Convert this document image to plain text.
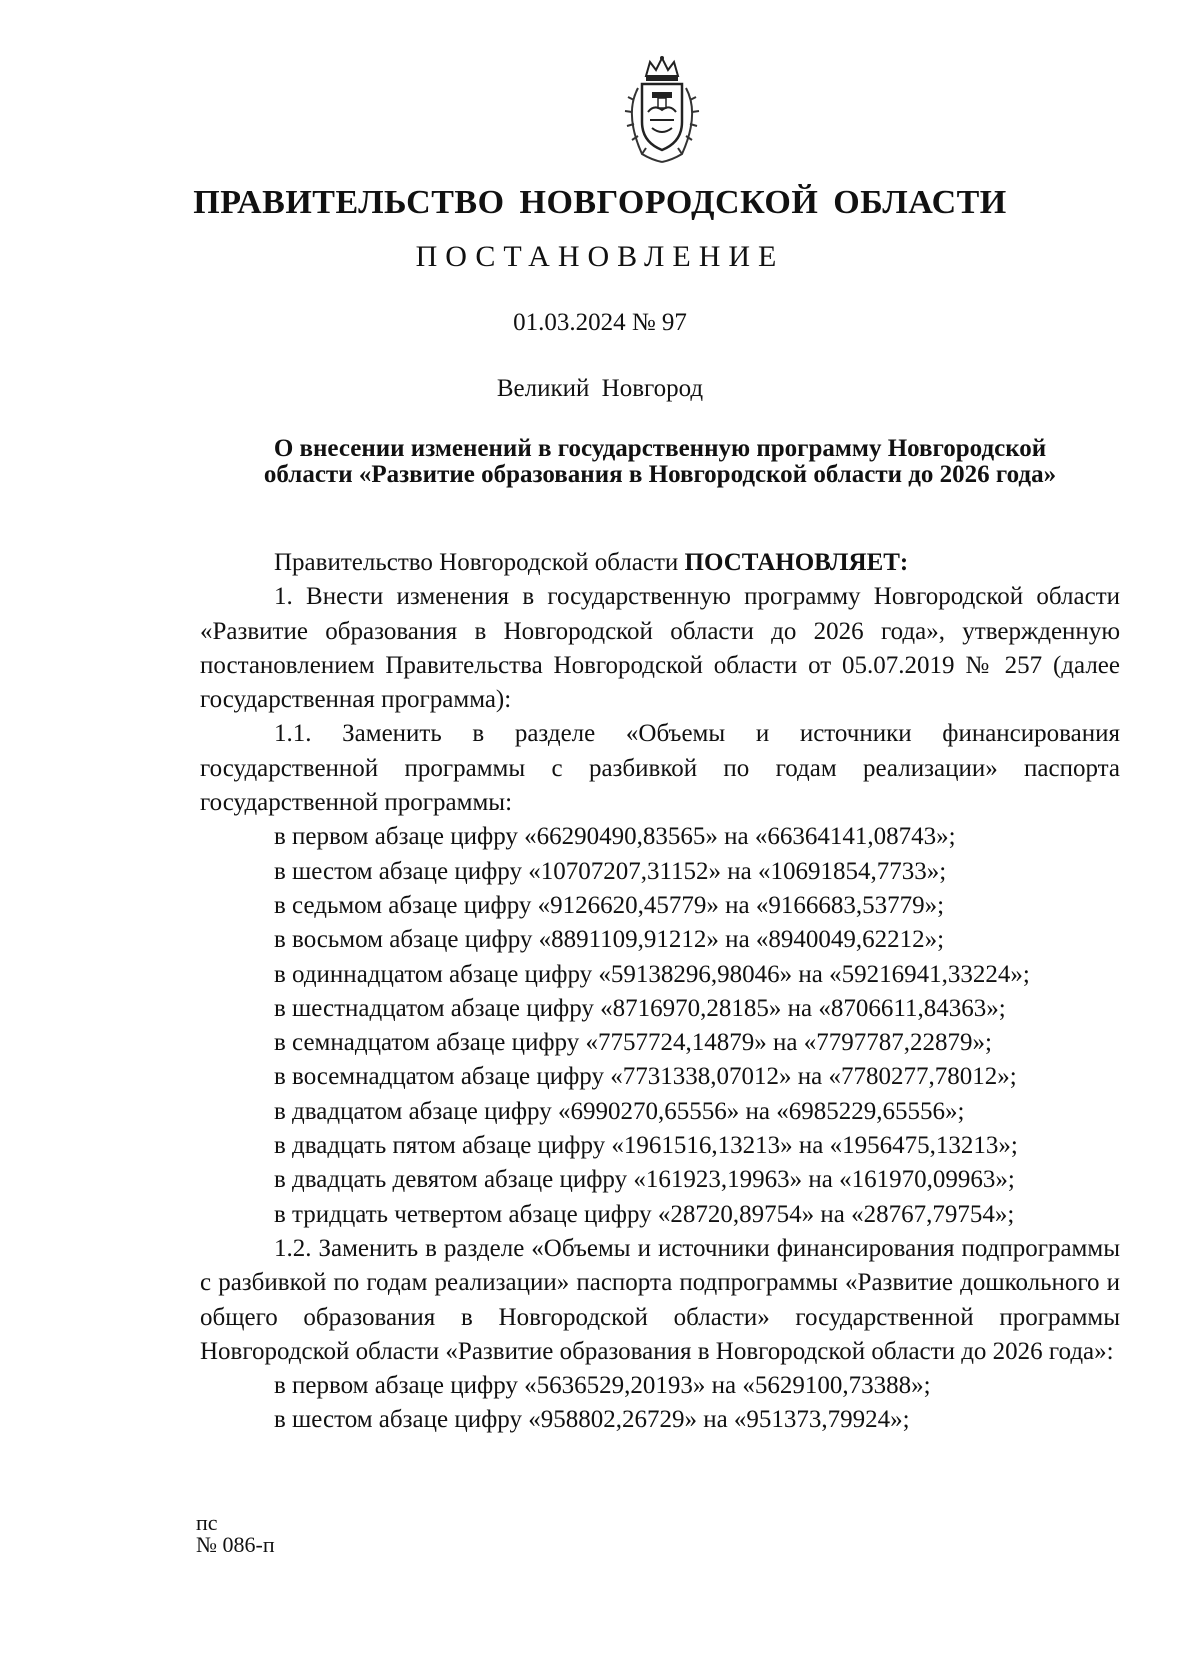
ПРАВИТЕЛЬСТВО НОВГОРОДСКОЙ ОБЛАСТИ
ПОСТАНОВЛЕНИЕ
01.03.2024 № 97
Великий Новгород
О внесении изменений в государственную программу Новгородской
области «Развитие образования в Новгородской области до 2026 года»

Правительство Новгородской области ПОСТАНОВЛЯЕТ:

1. Внести изменения в государственную программу Новгородской области «Развитие образования в Новгородской области до 2026 года», утвержденную постановлением Правительства Новгородской области от 05.07.2019 № 257 (далее государственная программа):

1.1. Заменить в разделе «Объемы и источники финансирования государственной программы с разбивкой по годам реализации» паспорта государственной программы:

в первом абзаце цифру «66290490,83565» на «66364141,08743»;

в шестом абзаце цифру «10707207,31152» на «10691854,7733»;

в седьмом абзаце цифру «9126620,45779» на «9166683,53779»;

в восьмом абзаце цифру «8891109,91212» на «8940049,62212»;

в одиннадцатом абзаце цифру «59138296,98046» на «59216941,33224»;

в шестнадцатом абзаце цифру «8716970,28185» на «8706611,84363»;

в семнадцатом абзаце цифру «7757724,14879» на «7797787,22879»;

в восемнадцатом абзаце цифру «7731338,07012» на «7780277,78012»;

в двадцатом абзаце цифру «6990270,65556» на «6985229,65556»;

в двадцать пятом абзаце цифру «1961516,13213» на «1956475,13213»;

в двадцать девятом абзаце цифру «161923,19963» на «161970,09963»;

в тридцать четвертом абзаце цифру «28720,89754» на «28767,79754»;

1.2. Заменить в разделе «Объемы и источники финансирования подпрограммы с разбивкой по годам реализации» паспорта подпрограммы «Развитие дошкольного и общего образования в Новгородской области» государственной программы Новгородской области «Развитие образования в Новгородской области до 2026 года»:

в первом абзаце цифру «5636529,20193» на «5629100,73388»;

в шестом абзаце цифру «958802,26729» на «951373,79924»;

пс
№ 086-п
